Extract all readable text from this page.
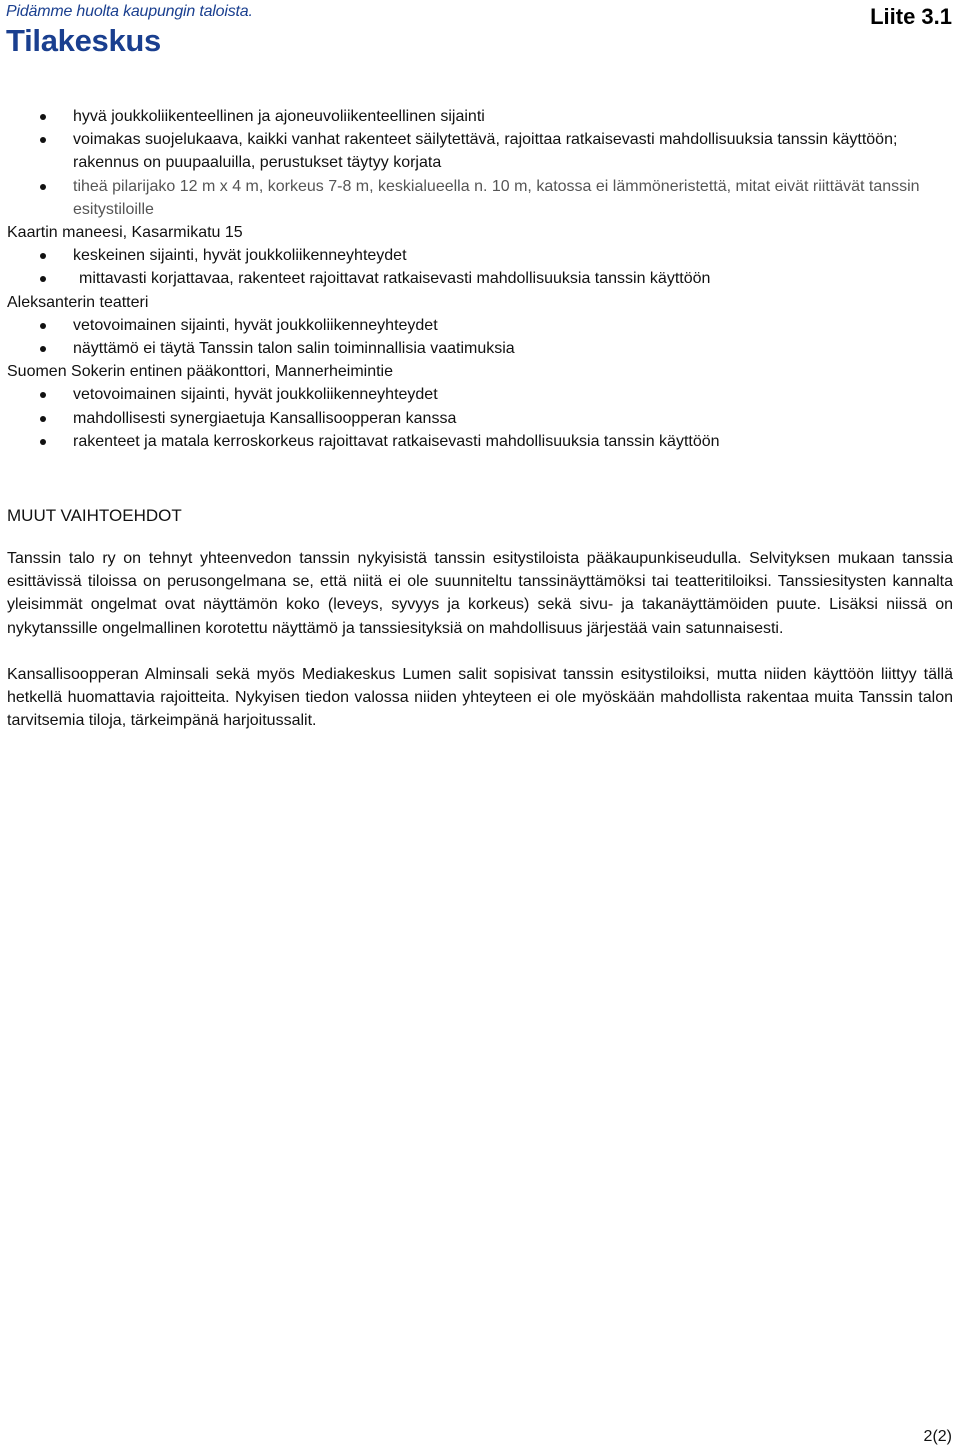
Pidämme huolta kaupungin taloista.
Tilakeskus
Liite 3.1
hyvä joukkoliikenteellinen ja ajoneuvoliikenteellinen sijainti
voimakas suojelukaava, kaikki vanhat rakenteet säilytettävä, rajoittaa ratkaisevasti mahdollisuuksia tanssin käyttöön; rakennus on puupaaluilla, perustukset täytyy korjata
tiheä pilarijako 12 m x 4 m, korkeus 7-8 m, keskialueella n. 10 m, katossa ei lämmöneristettä, mitat eivät riittävät tanssin esitystiloille
Kaartin maneesi, Kasarmikatu 15
keskeinen sijainti, hyvät joukkoliikenneyhteydet
mittavasti korjattavaa, rakenteet rajoittavat ratkaisevasti mahdollisuuksia tanssin käyttöön
Aleksanterin teatteri
vetovoimainen sijainti, hyvät joukkoliikenneyhteydet
näyttämö ei täytä Tanssin talon salin toiminnallisia vaatimuksia
Suomen Sokerin entinen pääkonttori, Mannerheimintie
vetovoimainen sijainti, hyvät joukkoliikenneyhteydet
mahdollisesti synergiaetuja Kansallisoopperan kanssa
rakenteet ja matala kerroskorkeus rajoittavat ratkaisevasti mahdollisuuksia tanssin käyttöön
MUUT VAIHTOEHDOT

Tanssin talo ry on tehnyt yhteenvedon tanssin nykyisistä tanssin esitystiloista pääkaupunkiseudulla. Selvityksen mukaan tanssia esittävissä tiloissa on perusongelmana se, että niitä ei ole suunniteltu tanssinäyttämöksi tai teatteritiloiksi. Tanssiesitysten kannalta yleisimmät ongelmat ovat näyttämön koko (leveys, syvyys ja korkeus) sekä sivu- ja takanäyttämöiden puute. Lisäksi niissä on nykytanssille ongelmallinen korotettu näyttämö ja tanssiesityksiä on mahdollisuus järjestää vain satunnaisesti.

Kansallisoopperan Alminsali sekä myös Mediakeskus Lumen salit sopisivat tanssin esitystiloiksi, mutta niiden käyttöön liittyy tällä hetkellä huomattavia rajoitteita. Nykyisen tiedon valossa niiden yhteyteen ei ole myöskään mahdollista rakentaa muita Tanssin talon tarvitsemia tiloja, tärkeimpänä harjoitussalit.

2(2)
